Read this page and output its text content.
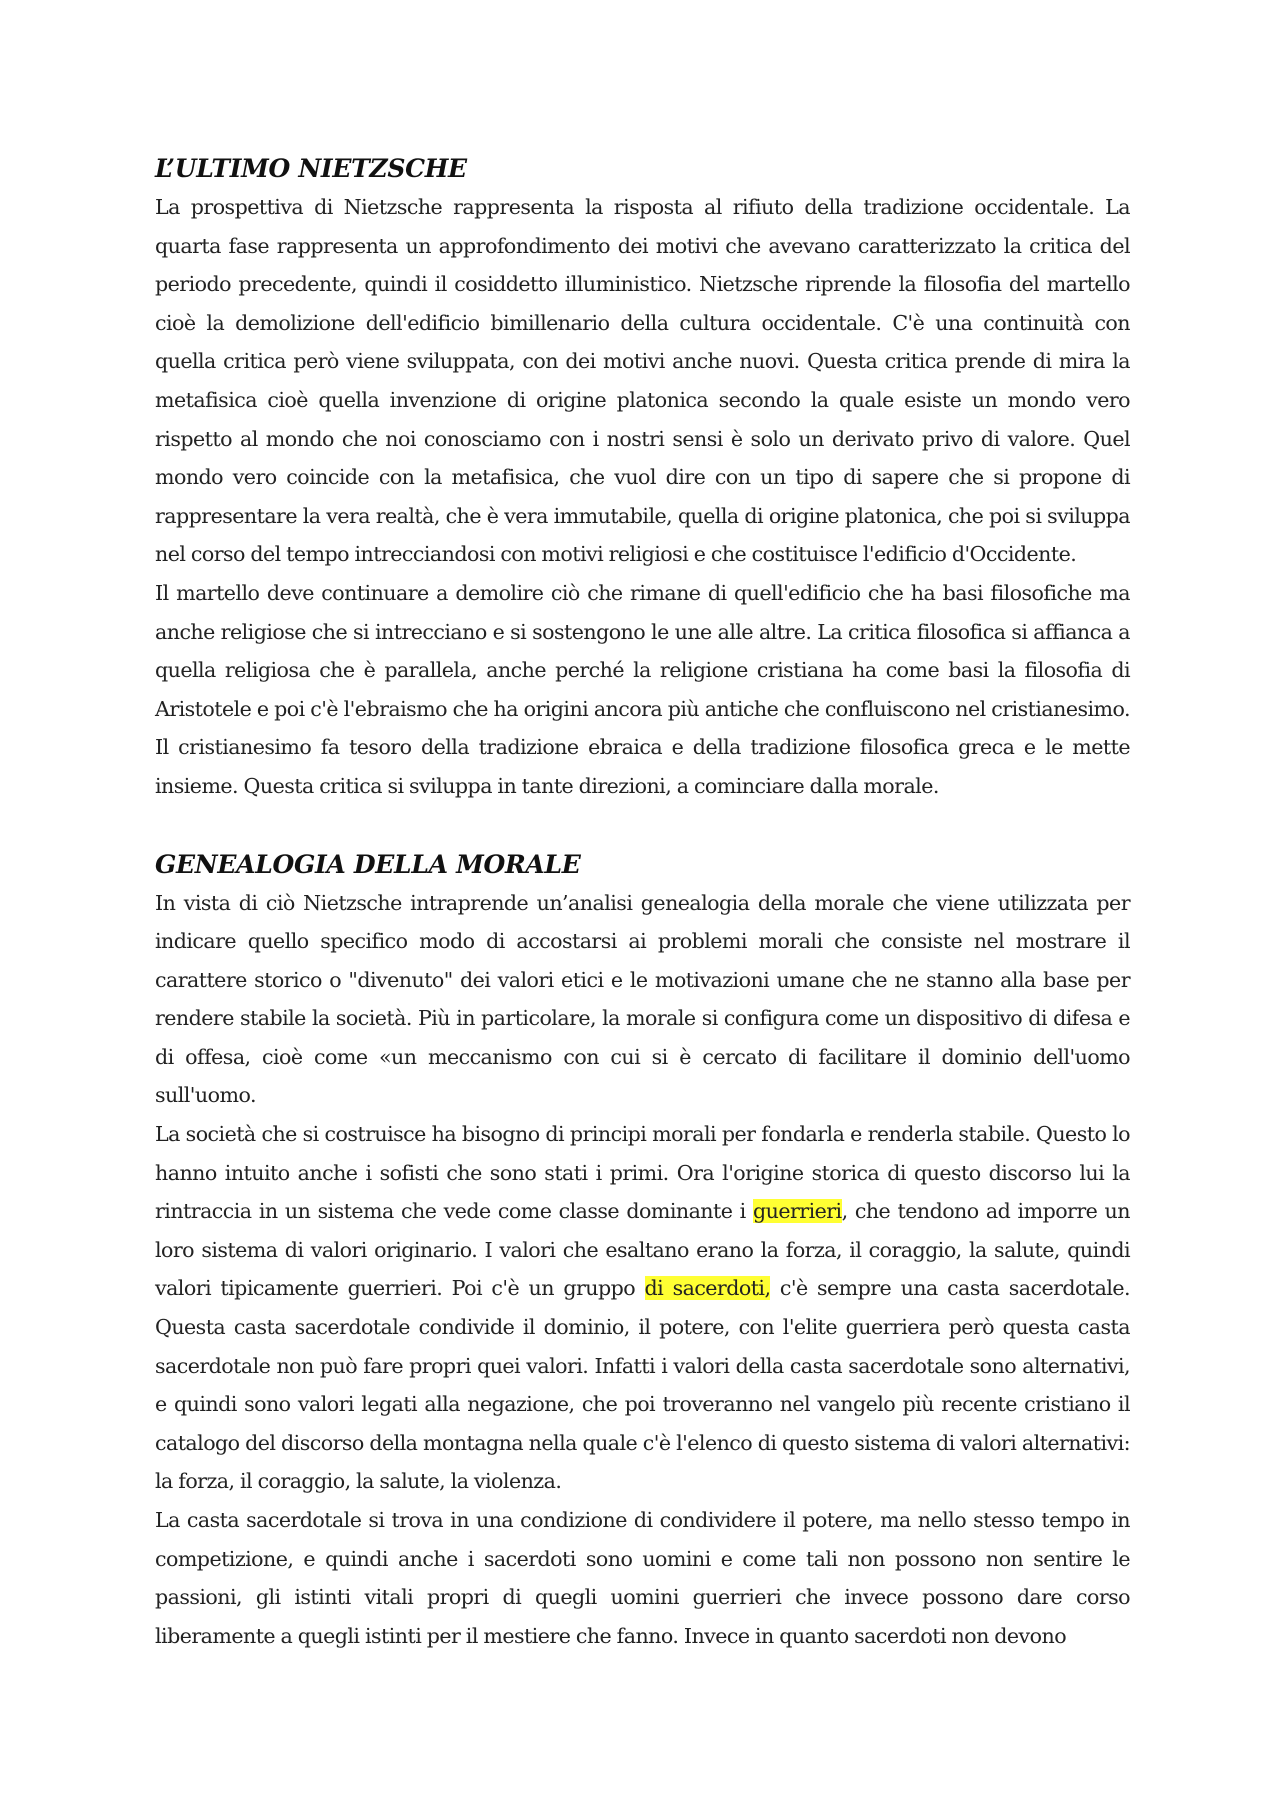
L’ULTIMO NIETZSCHE

La prospettiva di Nietzsche rappresenta la risposta al rifiuto della tradizione occidentale. La quarta fase rappresenta un approfondimento dei motivi che avevano caratterizzato la critica del periodo precedente, quindi il cosiddetto illuministico. Nietzsche riprende la filosofia del martello cioè la demolizione dell'edificio bimillenario della cultura occidentale. C'è una continuità con quella critica però viene sviluppata, con dei motivi anche nuovi. Questa critica prende di mira la metafisica cioè quella invenzione di origine platonica secondo la quale esiste un mondo vero rispetto al mondo che noi conosciamo con i nostri sensi è solo un derivato privo di valore. Quel mondo vero coincide con la metafisica, che vuol dire con un tipo di sapere che si propone di rappresentare la vera realtà, che è vera immutabile, quella di origine platonica, che poi si sviluppa nel corso del tempo intrecciandosi con motivi religiosi e che costituisce l'edificio d'Occidente.

Il martello deve continuare a demolire ciò che rimane di quell'edificio che ha basi filosofiche ma anche religiose che si intrecciano e si sostengono le une alle altre. La critica filosofica si affianca a quella religiosa che è parallela, anche perché la religione cristiana ha come basi la filosofia di Aristotele e poi c'è l'ebraismo che ha origini ancora più antiche che confluiscono nel cristianesimo. Il cristianesimo fa tesoro della tradizione ebraica e della tradizione filosofica greca e le mette insieme. Questa critica si sviluppa in tante direzioni, a cominciare dalla morale.

GENEALOGIA DELLA MORALE

In vista di ciò Nietzsche intraprende un’analisi genealogia della morale che viene utilizzata per indicare quello specifico modo di accostarsi ai problemi morali che consiste nel mostrare il carattere storico o "divenuto" dei valori etici e le motivazioni umane che ne stanno alla base per rendere stabile la società. Più in particolare, la morale si configura come un dispositivo di difesa e di offesa, cioè come «un meccanismo con cui si è cercato di facilitare il dominio dell'uomo sull'uomo.

La società che si costruisce ha bisogno di principi morali per fondarla e renderla stabile. Questo lo hanno intuito anche i sofisti che sono stati i primi. Ora l'origine storica di questo discorso lui la rintraccia in un sistema che vede come classe dominante i guerrieri, che tendono ad imporre un loro sistema di valori originario. I valori che esaltano erano la forza, il coraggio, la salute, quindi valori tipicamente guerrieri. Poi c'è un gruppo di sacerdoti, c'è sempre una casta sacerdotale. Questa casta sacerdotale condivide il dominio, il potere, con l'elite guerriera però questa casta sacerdotale non può fare propri quei valori. Infatti i valori della casta sacerdotale sono alternativi, e quindi sono valori legati alla negazione, che poi troveranno nel vangelo più recente cristiano il catalogo del discorso della montagna nella quale c'è l'elenco di questo sistema di valori alternativi: la forza, il coraggio, la salute, la violenza.

La casta sacerdotale si trova in una condizione di condividere il potere, ma nello stesso tempo in competizione, e quindi anche i sacerdoti sono uomini e come tali non possono non sentire le passioni, gli istinti vitali propri di quegli uomini guerrieri che invece possono dare corso liberamente a quegli istinti per il mestiere che fanno. Invece in quanto sacerdoti non devono
